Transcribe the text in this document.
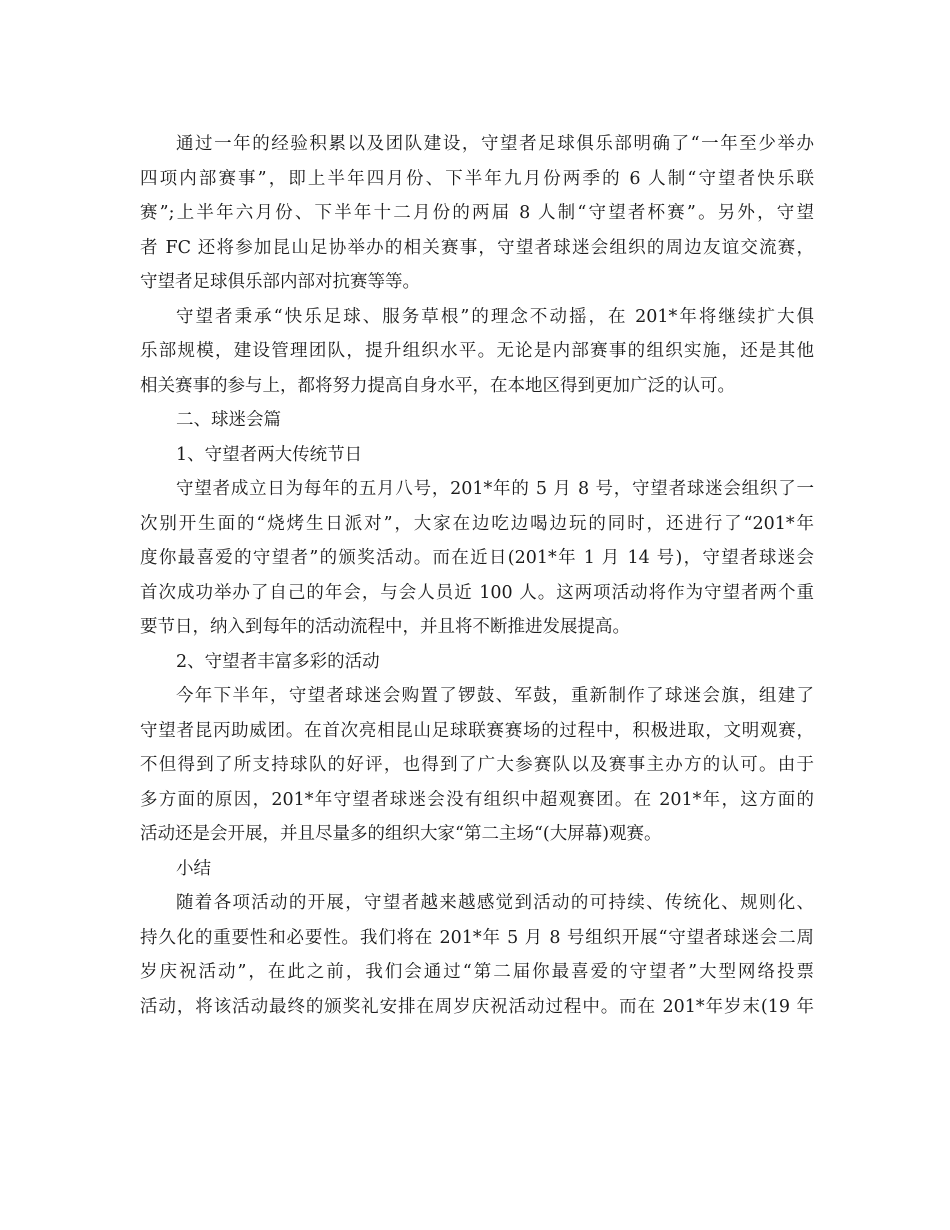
通过一年的经验积累以及团队建设，守望者足球俱乐部明确了“一年至少举办
四项内部赛事”，即上半年四月份、下半年九月份两季的 6 人制“守望者快乐联
赛”;上半年六月份、下半年十二月份的两届 8 人制“守望者杯赛”。另外，守望
者 FC 还将参加昆山足协举办的相关赛事，守望者球迷会组织的周边友谊交流赛，
守望者足球俱乐部内部对抗赛等等。
守望者秉承“快乐足球、服务草根”的理念不动摇，在 201*年将继续扩大俱
乐部规模，建设管理团队，提升组织水平。无论是内部赛事的组织实施，还是其他
相关赛事的参与上，都将努力提高自身水平，在本地区得到更加广泛的认可。
二、球迷会篇
1、守望者两大传统节日
守望者成立日为每年的五月八号，201*年的 5 月 8 号，守望者球迷会组织了一
次别开生面的“烧烤生日派对”，大家在边吃边喝边玩的同时，还进行了“201*年
度你最喜爱的守望者”的颁奖活动。而在近日(201*年 1 月 14 号)，守望者球迷会
首次成功举办了自己的年会，与会人员近 100 人。这两项活动将作为守望者两个重
要节日，纳入到每年的活动流程中，并且将不断推进发展提高。
2、守望者丰富多彩的活动
今年下半年，守望者球迷会购置了锣鼓、军鼓，重新制作了球迷会旗，组建了
守望者昆丙助威团。在首次亮相昆山足球联赛赛场的过程中，积极进取，文明观赛，
不但得到了所支持球队的好评，也得到了广大参赛队以及赛事主办方的认可。由于
多方面的原因，201*年守望者球迷会没有组织中超观赛团。在 201*年，这方面的
活动还是会开展，并且尽量多的组织大家“第二主场“(大屏幕)观赛。
小结
随着各项活动的开展，守望者越来越感觉到活动的可持续、传统化、规则化、
持久化的重要性和必要性。我们将在 201*年 5 月 8 号组织开展“守望者球迷会二周
岁庆祝活动”，在此之前，我们会通过“第二届你最喜爱的守望者”大型网络投票
活动，将该活动最终的颁奖礼安排在周岁庆祝活动过程中。而在 201*年岁末(19 年
